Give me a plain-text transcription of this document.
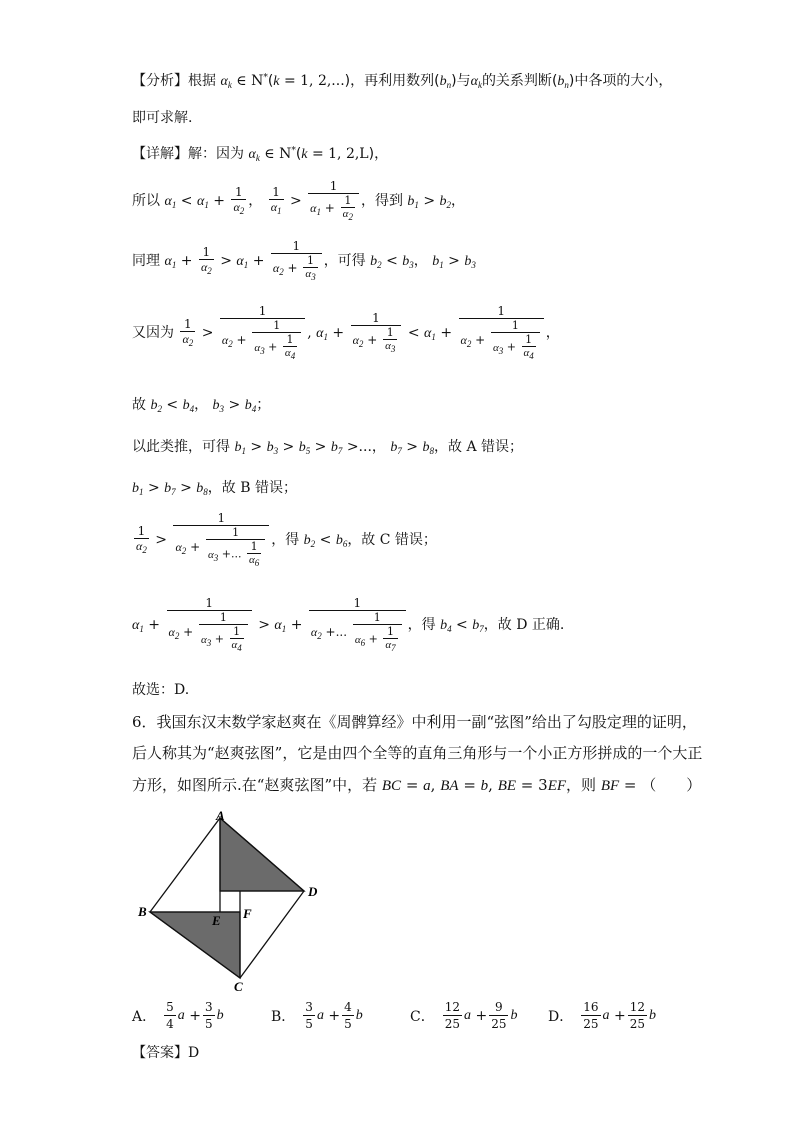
【分析】根据 $\alpha_k$ ∈ N*(k = 1, 2,...)，再利用数列$(b_n)$与$\alpha_k$的关系判断$(b_n)$中各项的大小，
即可求解.
【详解】解：因为 $\alpha_k$ ∈ N*(k = 1, 2,L)，
所以 $\alpha_1 < \alpha_1 + \frac{1}{\alpha_2}$ ， $\frac{1}{\alpha_1} > \frac{1}{\alpha_1 + \frac{1}{\alpha_2}}$ ，得到 $b_1 > b_2$，
同理 $\alpha_1 + \frac{1}{\alpha_2} > \alpha_1 + \frac{1}{\alpha_2 + \frac{1}{\alpha_3}}$ ，可得 $b_2 < b_3$， $b_1 > b_3$
又因为 $\frac{1}{\alpha_2} > \frac{1}{\alpha_2 + \frac{1}{\alpha_3 + \frac{1}{\alpha_4}}}$ , $\alpha_1 + \frac{1}{\alpha_2 + \frac{1}{\alpha_3}} < \alpha_1 + \frac{1}{\alpha_2 + \frac{1}{\alpha_3 + \frac{1}{\alpha_4}}}$ ，
故 $b_2 < b_4$， $b_3 > b_4$；
以此类推，可得 $b_1 > b_3 > b_5 > b_7$ >...， $b_7 > b_8$，故 A 错误；
$b_1 > b_7 > b_8$，故 B 错误；
$\frac{1}{\alpha_2} > \frac{1}{\alpha_2 + \frac{1}{\alpha_3 +... \frac{1}{\alpha_6}}}$ ，得 $b_2 < b_6$，故 C 错误；
$\alpha_1 + \frac{1}{\alpha_2 + \frac{1}{\alpha_3 + \frac{1}{\alpha_4}}} > \alpha_1 + \frac{1}{\alpha_2 +... \frac{1}{\alpha_6 + \frac{1}{\alpha_7}}}$ ，得 $b_4 < b_7$，故 D 正确.
故选：D.
6．我国东汉末数学家赵爽在《周髀算经》中利用一副“弦图”给出了勾股定理的证明，
后人称其为“赵爽弦图”，它是由四个全等的直角三角形与一个小正方形拼成的一个大正
方形，如图所示.在“赵爽弦图”中，若 BC = a, BA = b, BE = 3EF，则 BF = （　　）
A
B
C
D
E F
A． $\frac{5}{4}$ $a + \frac{3}{5}$ b	B． $\frac{3}{5}$ $a + \frac{4}{5}$ b	C． $\frac{12}{25}$ $a + \frac{9}{25}$ b D． $\frac{16}{25}$ $a + \frac{12}{25}$ b
【答案】D
